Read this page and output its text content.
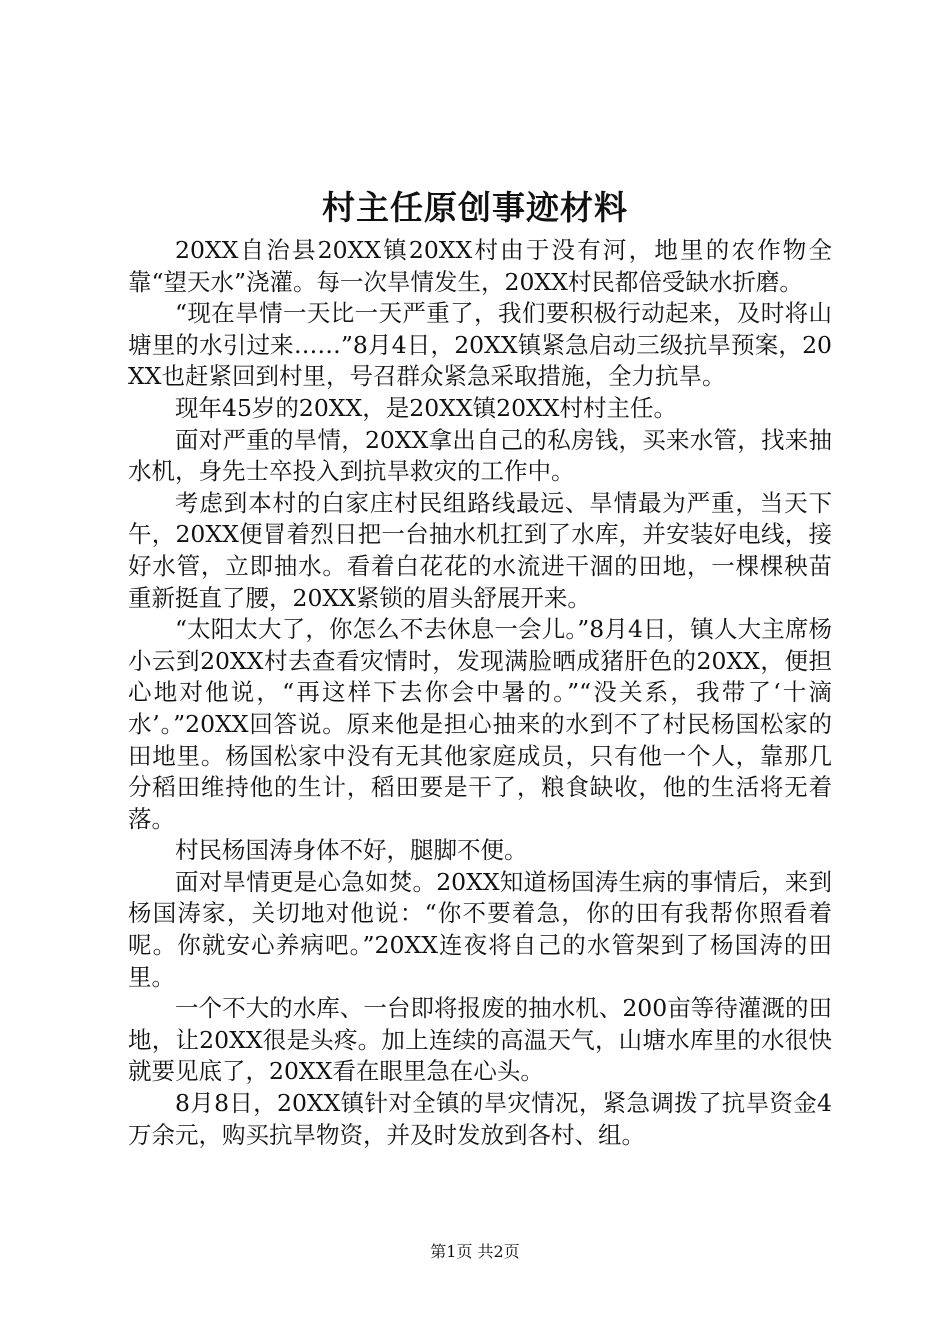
村主任原创事迹材料

20XX自治县20XX镇20XX村由于没有河，地里的农作物全靠“望天水”浇灌。每一次旱情发生，20XX村民都倍受缺水折磨。

“现在旱情一天比一天严重了，我们要积极行动起来，及时将山塘里的水引过来……”8月4日，20XX镇紧急启动三级抗旱预案，20XX也赶紧回到村里，号召群众紧急采取措施，全力抗旱。

现年45岁的20XX，是20XX镇20XX村村主任。

面对严重的旱情，20XX拿出自己的私房钱，买来水管，找来抽水机，身先士卒投入到抗旱救灾的工作中。

考虑到本村的白家庄村民组路线最远、旱情最为严重，当天下午，20XX便冒着烈日把一台抽水机扛到了水库，并安装好电线，接好水管，立即抽水。看着白花花的水流进干涸的田地，一棵棵秧苗重新挺直了腰，20XX紧锁的眉头舒展开来。

“太阳太大了，你怎么不去休息一会儿。”8月4日，镇人大主席杨小云到20XX村去查看灾情时，发现满脸晒成猪肝色的20XX，便担心地对他说，“再这样下去你会中暑的。”“没关系，我带了‘十滴水’。”20XX回答说。原来他是担心抽来的水到不了村民杨国松家的田地里。杨国松家中没有无其他家庭成员，只有他一个人，靠那几分稻田维持他的生计，稻田要是干了，粮食缺收，他的生活将无着落。

村民杨国涛身体不好，腿脚不便。

面对旱情更是心急如焚。20XX知道杨国涛生病的事情后，来到杨国涛家，关切地对他说：“你不要着急，你的田有我帮你照看着呢。你就安心养病吧。”20XX连夜将自己的水管架到了杨国涛的田里。

一个不大的水库、一台即将报废的抽水机、200亩等待灌溉的田地，让20XX很是头疼。加上连续的高温天气，山塘水库里的水很快就要见底了，20XX看在眼里急在心头。

8月8日，20XX镇针对全镇的旱灾情况，紧急调拨了抗旱资金4万余元，购买抗旱物资，并及时发放到各村、组。

第1页 共2页
